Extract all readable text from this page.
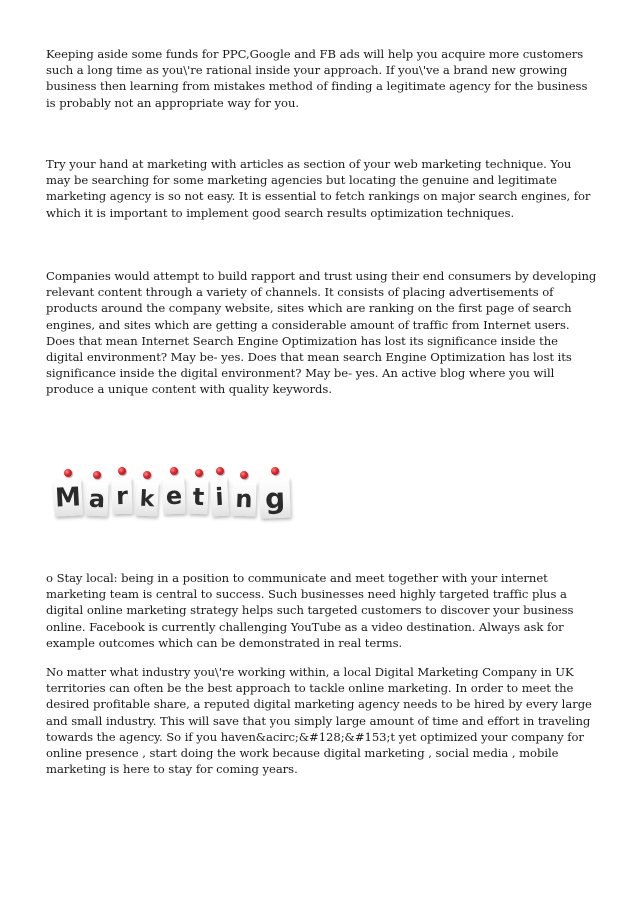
Keeping aside some funds for PPC,Google and FB ads will help you acquire more customers such a long time as you\'re rational inside your approach. If you\'ve a brand new growing business then learning from mistakes method of finding a legitimate agency for the business is probably not an appropriate way for you.

Try your hand at marketing with articles as section of your web marketing technique. You may be searching for some marketing agencies but locating the genuine and legitimate marketing agency is so not easy. It is essential to fetch rankings on major search engines, for which it is important to implement good search results optimization techniques.

Companies would attempt to build rapport and trust using their end consumers by developing relevant content through a variety of channels. It consists of placing advertisements of products around the company website, sites which are ranking on the first page of search engines, and sites which are getting a considerable amount of traffic from Internet users. Does that mean Internet Search Engine Optimization has lost its significance inside the digital environment? May be- yes. Does that mean search Engine Optimization has lost its significance inside the digital environment? May be- yes. An active blog where you will produce a unique content with quality keywords.

M a r k e t i n g

o Stay local: being in a position to communicate and meet together with your internet marketing team is central to success. Such businesses need highly targeted traffic plus a digital online marketing strategy helps such targeted customers to discover your business online. Facebook is currently challenging YouTube as a video destination. Always ask for example outcomes which can be demonstrated in real terms.

No matter what industry you\'re working within, a local Digital Marketing Company in UK territories can often be the best approach to tackle online marketing. In order to meet the desired profitable share, a reputed digital marketing agency needs to be hired by every large and small industry. This will save that you simply large amount of time and effort in traveling towards the agency. So if you haven&acirc;&#128;&#153;t yet optimized your company for online presence , start doing the work because digital marketing , social media , mobile marketing is here to stay for coming years.
